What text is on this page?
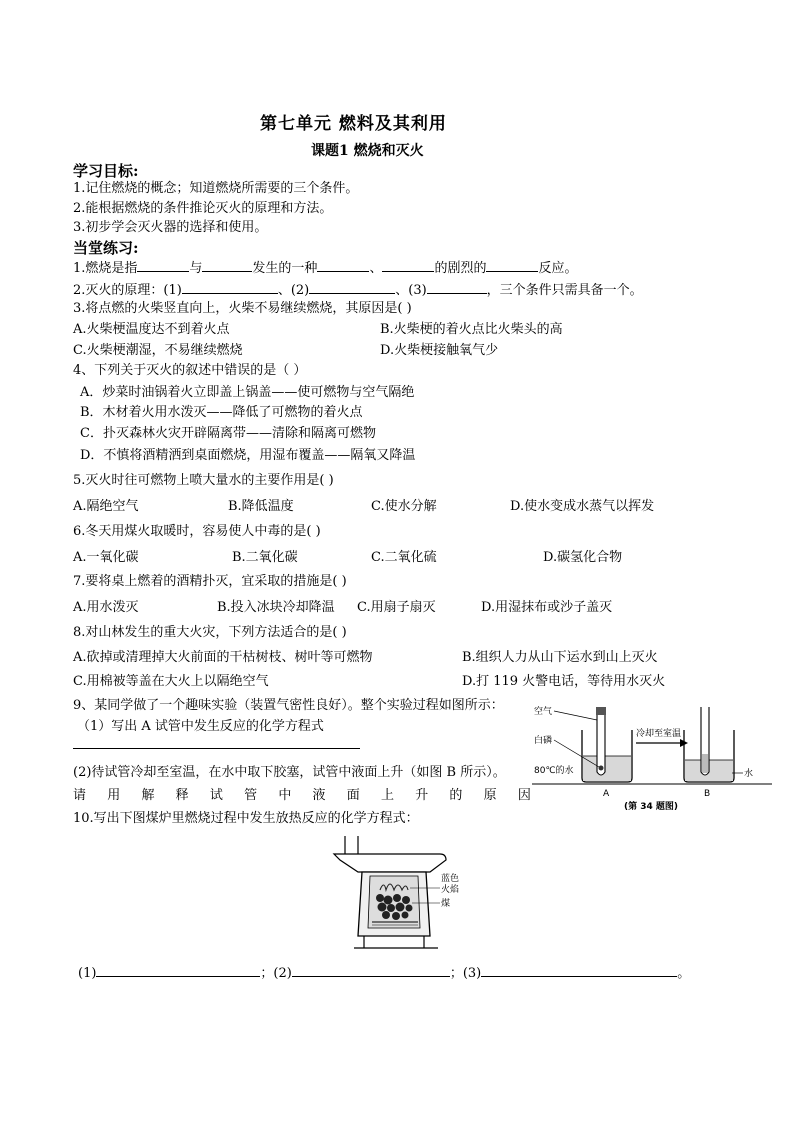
第七单元 燃料及其利用
课题1 燃烧和灭火
学习目标:
1.记住燃烧的概念；知道燃烧所需要的三个条件。
2.能根据燃烧的条件推论灭火的原理和方法。
3.初步学会灭火器的选择和使用。
当堂练习:
1.燃烧是指	与	发生的一种	、	的剧烈的	反应。
2.灭火的原理：(1)	、(2)	、(3)	，三个条件只需具备一个。
3.将点燃的火柴竖直向上，火柴不易继续燃烧，其原因是( )
A.火柴梗温度达不到着火点	B.火柴梗的着火点比火柴头的高
C.火柴梗潮湿，不易继续燃烧	D.火柴梗接触氧气少
4、下列关于灭火的叙述中错误的是（ ）
A．炒菜时油锅着火立即盖上锅盖——使可燃物与空气隔绝
B．木材着火用水泼灭——降低了可燃物的着火点
C．扑灭森林火灾开辟隔离带——清除和隔离可燃物
D．不慎将酒精洒到桌面燃烧，用湿布覆盖——隔氧又降温
5.灭火时往可燃物上喷大量水的主要作用是( )
A.隔绝空气	B.降低温度	C.使水分解	D.使水变成水蒸气以挥发
6.冬天用煤火取暖时，容易使人中毒的是( )
A.一氧化碳	B.二氧化碳	C.二氧化硫	D.碳氢化合物
7.要将桌上燃着的酒精扑灭，宜采取的措施是( )
A.用水泼灭	B.投入冰块冷却降温 C.用扇子扇灭	D.用湿抹布或沙子盖灭
8.对山林发生的重大火灾，下列方法适合的是( )
A.砍掉或清理掉大火前面的干枯树枝、树叶等可燃物	B.组织人力从山下运水到山上灭火
C.用棉被等盖在大火上以隔绝空气	D.打 119 火警电话，等待用水灭火
9、某同学做了一个趣味实验（装置气密性良好）。整个实验过程如图所示：
（1）写出 A 试管中发生反应的化学方程式
(2)待试管冷却至室温，在水中取下胶塞，试管中液面上升（如图 B 所示）。
请 用 解 释 试 管 中 液 面 上 升 的 原 因
空气
白磷
80℃的水
冷却至室温
水
A	B
(第 34 题图)
10.写出下图煤炉里燃烧过程中发生放热反应的化学方程式：
蓝色
火焰
煤
(1)	；(2)	；(3)	。
